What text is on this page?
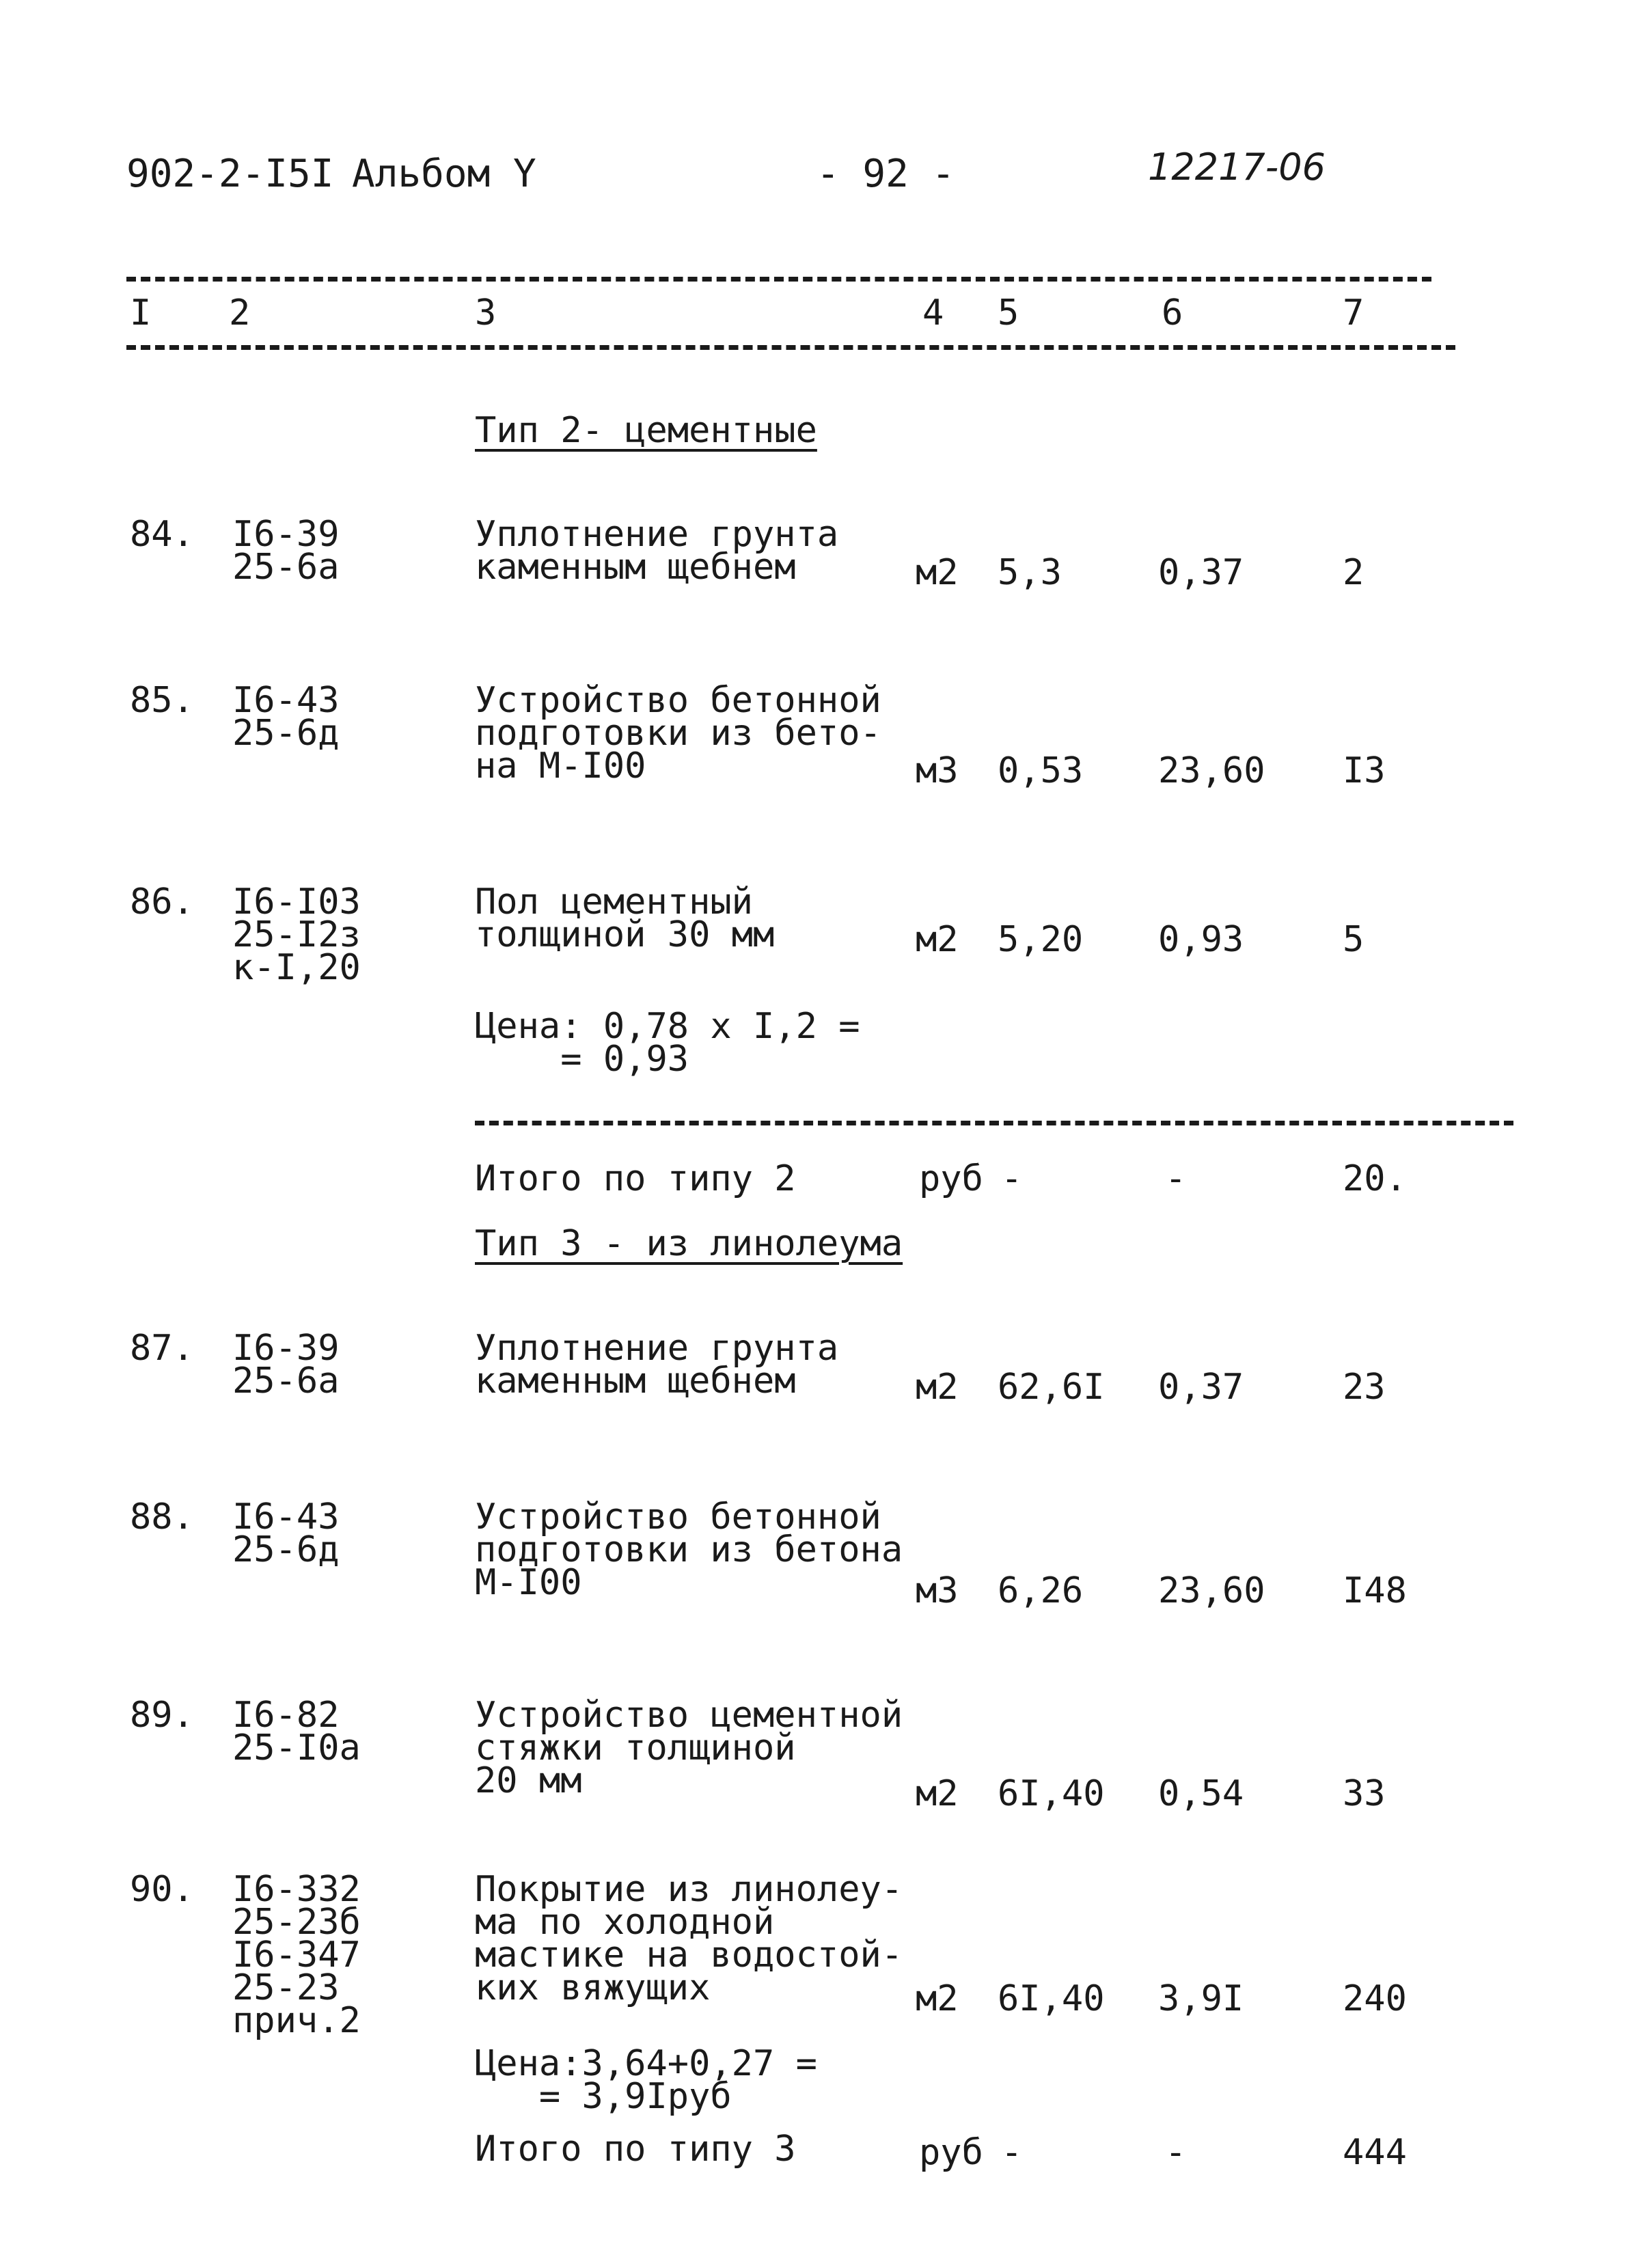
902-2-I5I Альбом Y	- 92 -	12217-06
I 2	3	4 5	6	7
Тип 2- цементные
84. I6-39
25-6а
Уплотнение грунта
каменным щебнем	м2 5,3	0,37	2
85. I6-43
25-6д
Устройство бетонной
подготовки из бето-
на М-I00	м3 0,53 23,60 I3
86. I6-I03
25-I2з
к-I,20
Пол цементный
толщиной 30 мм	м2 5,20 0,93	5
Цена: 0,78 х I,2 =
= 0,93
Итого по типу 2	руб -	-	20.
Тип 3 - из линолеума
87. I6-39
25-6а
Уплотнение грунта
каменным щебнем	м2 62,6I 0,37	23
88. I6-43
25-6д
Устройство бетонной
подготовки из бетона
М-I00	м3 6,26 23,60 I48
89. I6-82
25-I0а
Устройство цементной
стяжки толщиной
20 мм	м2 6I,40 0,54	33
90. I6-332
25-23б
I6-347
25-23
прич.2
Покрытие из линолеу-
ма по холодной
мастике на водостой-
ких вяжущих	м2 6I,40 3,9I	240
Цена:3,64+0,27 =
= 3,9Iруб
Итого по типу 3	руб -	-	444
